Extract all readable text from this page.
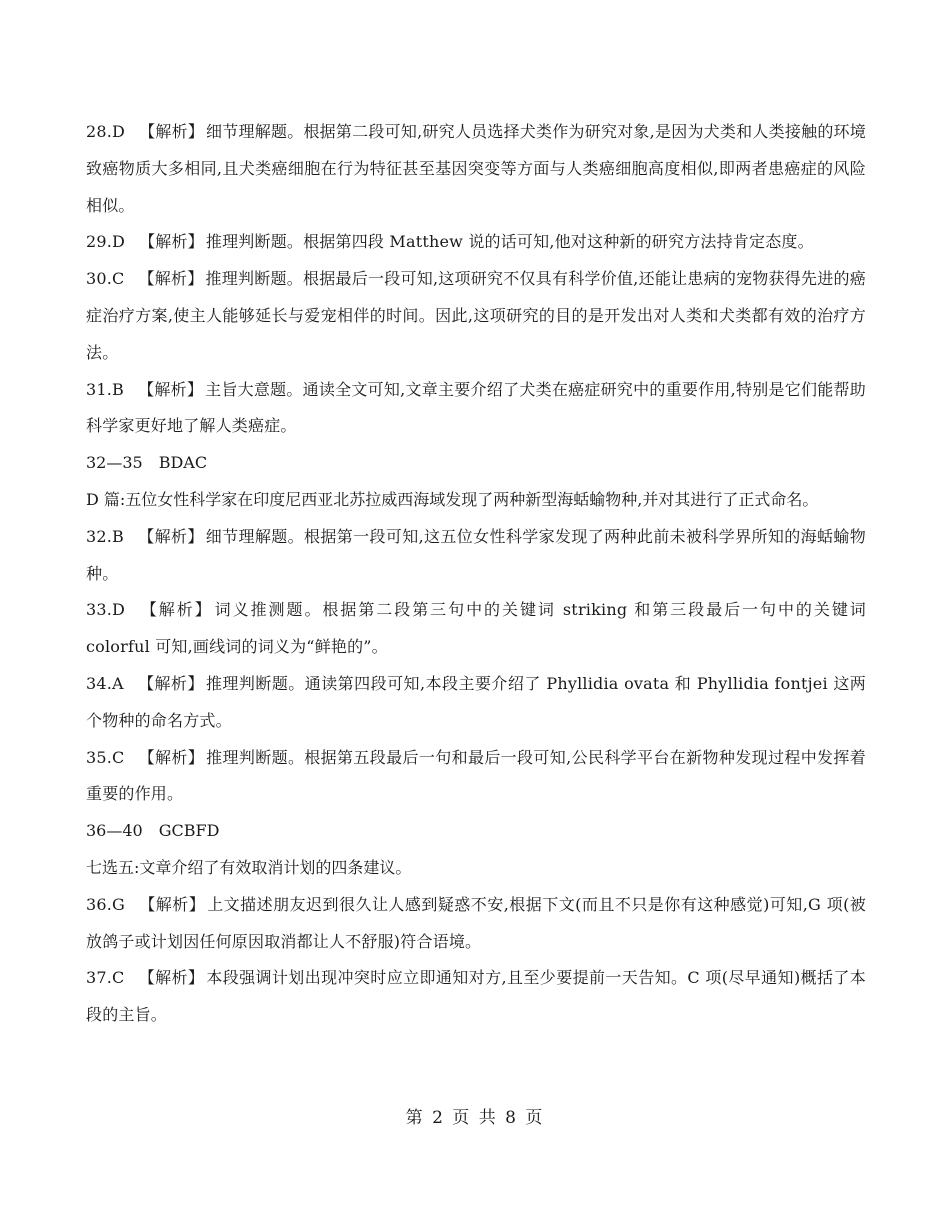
28.D 【解析】 细节理解题。根据第二段可知,研究人员选择犬类作为研究对象,是因为犬类和人类接触的环境致癌物质大多相同,且犬类癌细胞在行为特征甚至基因突变等方面与人类癌细胞高度相似,即两者患癌症的风险相似。

29.D 【解析】 推理判断题。根据第四段 Matthew 说的话可知,他对这种新的研究方法持肯定态度。

30.C 【解析】 推理判断题。根据最后一段可知,这项研究不仅具有科学价值,还能让患病的宠物获得先进的癌症治疗方案,使主人能够延长与爱宠相伴的时间。因此,这项研究的目的是开发出对人类和犬类都有效的治疗方法。

31.B 【解析】 主旨大意题。通读全文可知,文章主要介绍了犬类在癌症研究中的重要作用,特别是它们能帮助科学家更好地了解人类癌症。

32—35　BDAC

D 篇:五位女性科学家在印度尼西亚北苏拉威西海域发现了两种新型海蛞蝓物种,并对其进行了正式命名。

32.B 【解析】 细节理解题。根据第一段可知,这五位女性科学家发现了两种此前未被科学界所知的海蛞蝓物种。

33.D 【解析】 词义推测题。根据第二段第三句中的关键词 striking 和第三段最后一句中的关键词 colorful 可知,画线词的词义为“鲜艳的”。

34.A 【解析】 推理判断题。通读第四段可知,本段主要介绍了 Phyllidia ovata 和 Phyllidia fontjei 这两个物种的命名方式。

35.C 【解析】 推理判断题。根据第五段最后一句和最后一段可知,公民科学平台在新物种发现过程中发挥着重要的作用。

36—40　GCBFD

七选五:文章介绍了有效取消计划的四条建议。

36.G 【解析】 上文描述朋友迟到很久让人感到疑惑不安,根据下文(而且不只是你有这种感觉)可知,G 项(被放鸽子或计划因任何原因取消都让人不舒服)符合语境。

37.C 【解析】 本段强调计划出现冲突时应立即通知对方,且至少要提前一天告知。C 项(尽早通知)概括了本段的主旨。

第 2 页 共 8 页
